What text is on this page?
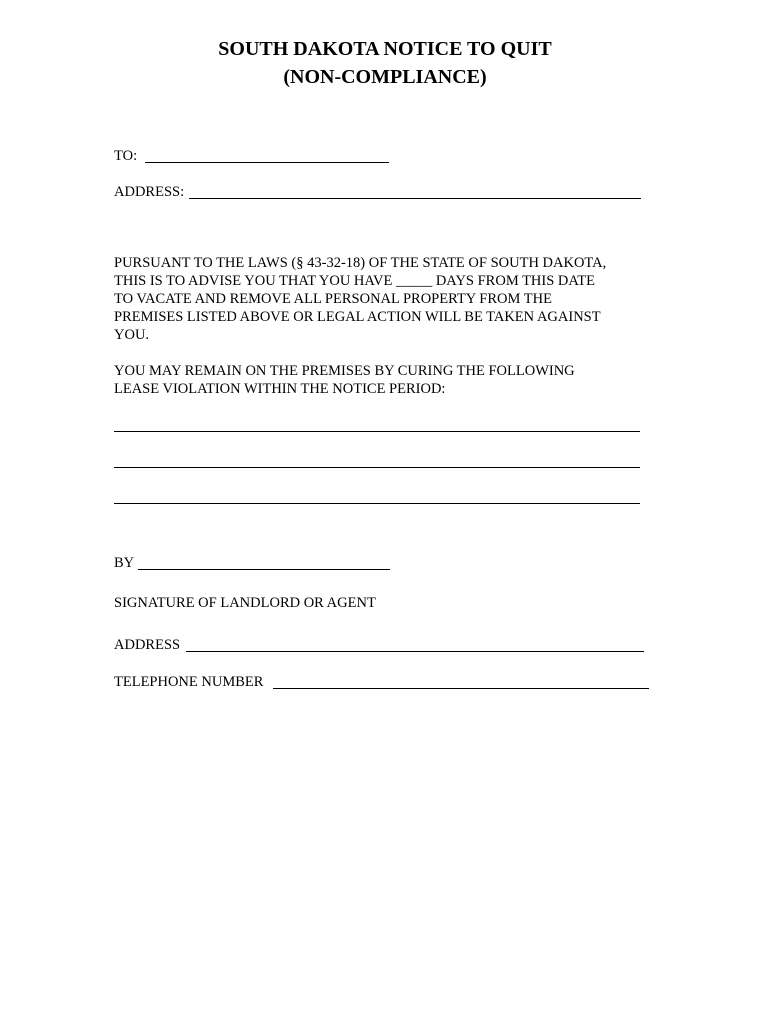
SOUTH DAKOTA NOTICE TO QUIT
(NON-COMPLIANCE)
TO:
ADDRESS:
PURSUANT TO THE LAWS (§ 43-32-18) OF THE STATE OF SOUTH DAKOTA,
THIS IS TO ADVISE YOU THAT YOU HAVE _____ DAYS FROM THIS DATE
TO VACATE AND REMOVE ALL PERSONAL PROPERTY FROM THE
PREMISES LISTED ABOVE OR LEGAL ACTION WILL BE TAKEN AGAINST
YOU.
YOU MAY REMAIN ON THE PREMISES BY CURING THE FOLLOWING
LEASE VIOLATION WITHIN THE NOTICE PERIOD:
BY
SIGNATURE OF LANDLORD OR AGENT
ADDRESS
TELEPHONE NUMBER
